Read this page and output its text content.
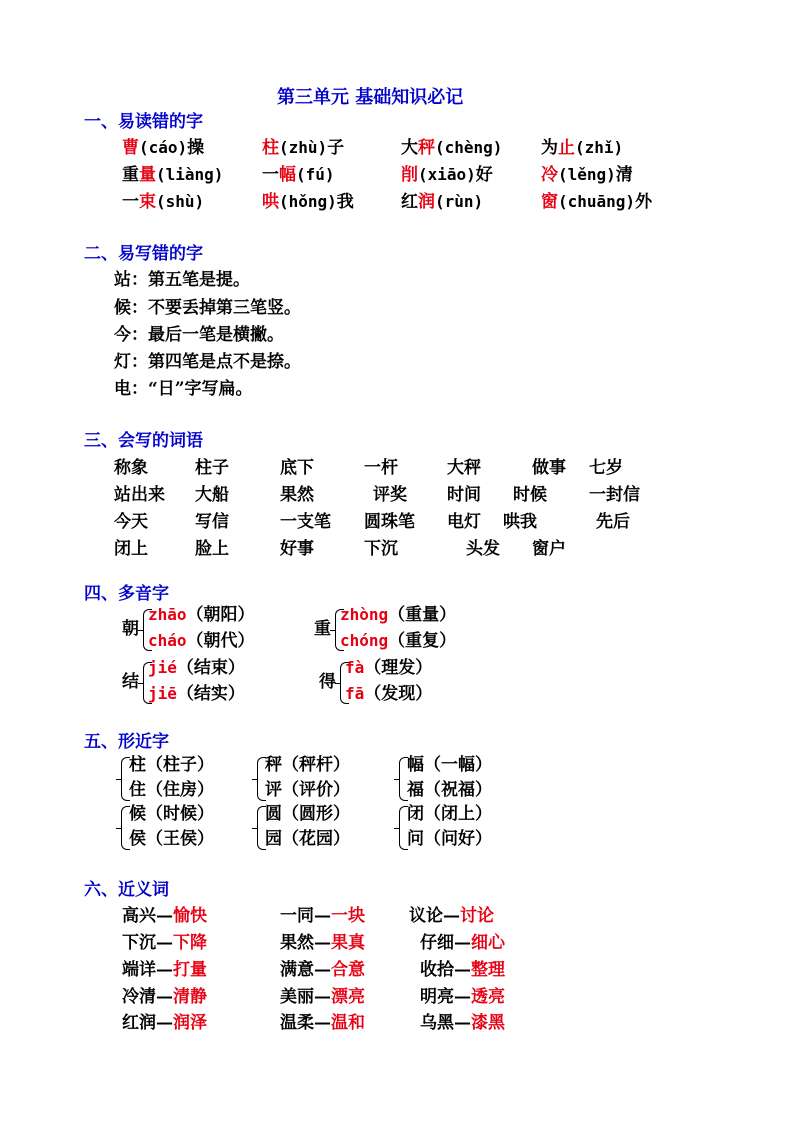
第三单元 基础知识必记
一、易读错的字
曹(cáo)操	柱(zhù)子	大秤(chèng) 为止(zhǐ)
重量(liàng) 一幅(fú)	削(xiāo)好	冷(lěng)清
一束(shù)	哄(hǒng)我	红润(rùn)	窗(chuāng)外
二、易写错的字
站：第五笔是提。
候：不要丢掉第三笔竖。
今：最后一笔是横撇。
灯：第四笔是点不是捺。
电：“日”字写扁。
三、会写的词语
称象	柱子	底下	一杆	大秤	做事 七岁
站出来 大船	果然	评奖 时间 时候 一封信
今天	写信	一支笔 圆珠笔 电灯 哄我	先后
闭上	脸上	好事	下沉	头发 窗户
四、多音字
朝
zhāo（朝阳）
cháo（朝代）
重
zhòng（重量）
chóng（重复）
结
jié（结束）
jiē（结实）
得
fà（理发）
fā（发现）
五、形近字
柱（柱子）
住（住房）
秤（秤杆）
评（评价）
幅（一幅）
福（祝福）
候（时候）
侯（王侯）
圆（圆形）
园（花园）
闭（闭上）
问（问好）
六、近义词
高兴—愉快	一同—一块	议论—讨论
下沉—下降	果然—果真	仔细—细心
端详—打量	满意—合意	收拾—整理
冷清—清静	美丽—漂亮	明亮—透亮
红润—润泽	温柔—温和	乌黑—漆黑
